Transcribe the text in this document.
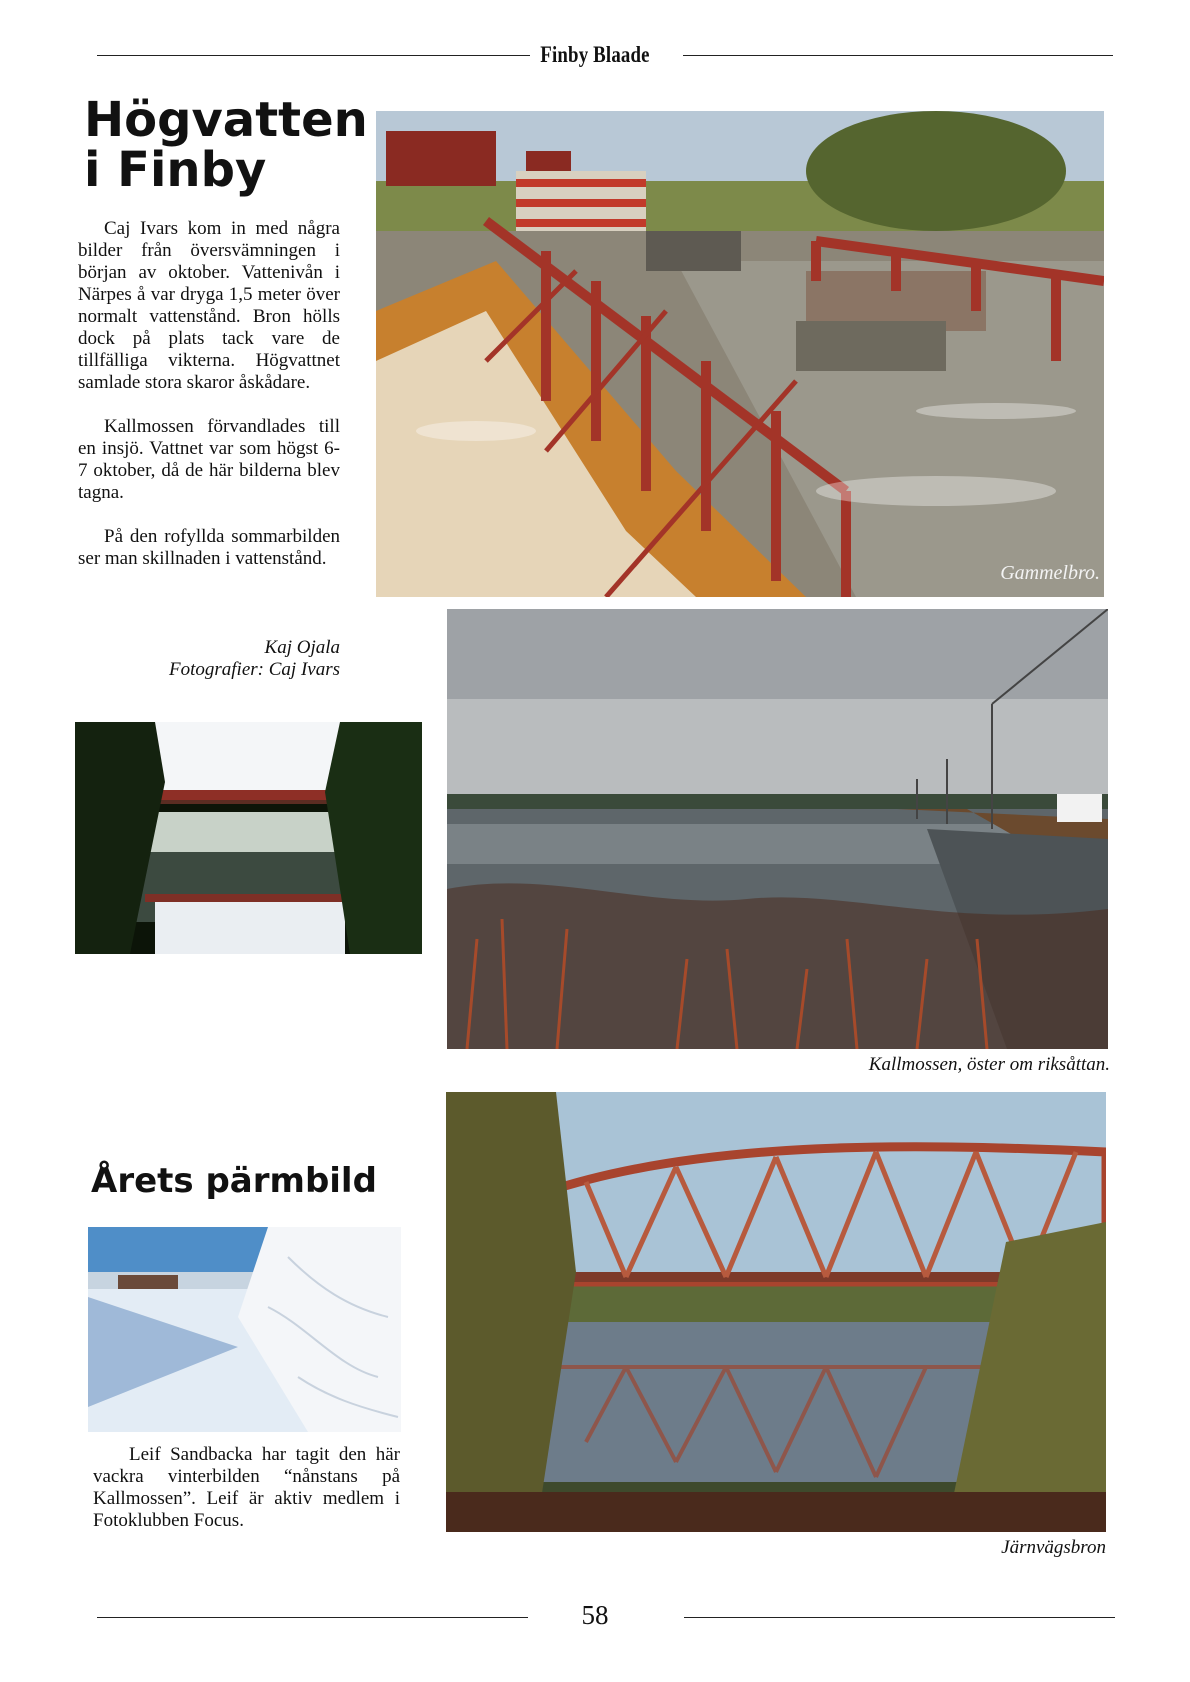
Finby Blaade
Högvatten
i Finby

Caj Ivars kom in med några bilder från översvämningen i början av oktober. Vattenivån i Närpes å var dryga 1,5 meter över normalt vattenstånd. Bron hölls dock på plats tack vare de tillfälliga vikterna. Högvattnet samlade stora skaror åskådare.

Kallmossen förvandlades till en insjö. Vattnet var som högst 6-7 oktober, då de här bilderna blev tagna.

På den rofyllda sommarbilden ser man skillnaden i vattenstånd.

Kaj Ojala
Fotografier: Caj Ivars
Gammelbro.
Kallmossen, öster om riksåttan.
Årets pärmbild
Leif Sandbacka har tagit den här vackra vinterbilden “nånstans på Kallmossen”. Leif är aktiv medlem i Fotoklubben Focus.
Järnvägsbron
58
